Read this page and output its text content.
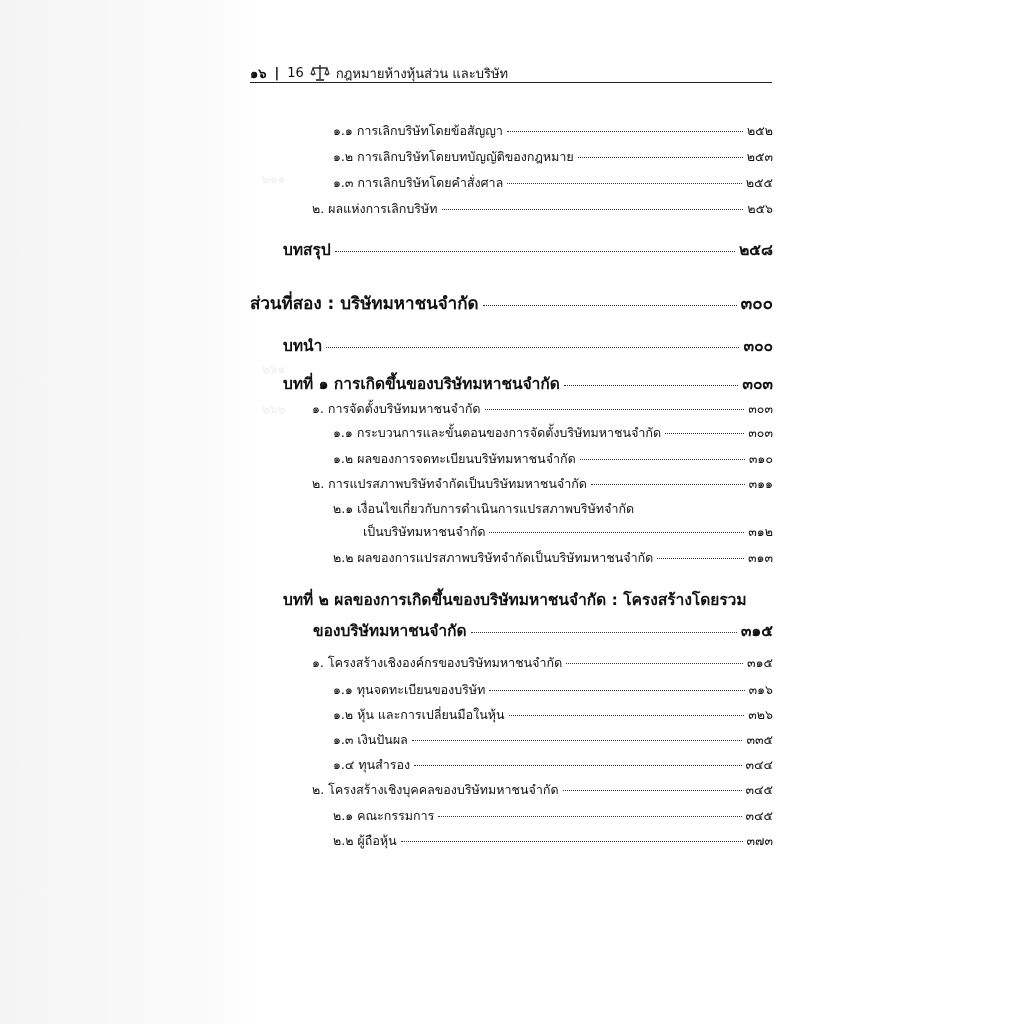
๒๑๑
๒๖๑
๒๖๒
๑๖ | 16 กฎหมายห้างหุ้นส่วน และบริษัท
๑.๑ การเลิกบริษัทโดยข้อสัญญา	๒๕๒
๑.๒ การเลิกบริษัทโดยบทบัญญัติของกฎหมาย	๒๕๓
๑.๓ การเลิกบริษัทโดยคำสั่งศาล	๒๕๕
๒. ผลแห่งการเลิกบริษัท	๒๕๖
บทสรุป	๒๕๘
ส่วนที่สอง : บริษัทมหาชนจำกัด	๓๐๐
บทนำ	๓๐๐
บทที่ ๑ การเกิดขึ้นของบริษัทมหาชนจำกัด	๓๐๓
๑. การจัดตั้งบริษัทมหาชนจำกัด	๓๐๓
๑.๑ กระบวนการและขั้นตอนของการจัดตั้งบริษัทมหาชนจำกัด	๓๐๓
๑.๒ ผลของการจดทะเบียนบริษัทมหาชนจำกัด	๓๑๐
๒. การแปรสภาพบริษัทจำกัดเป็นบริษัทมหาชนจำกัด	๓๑๑
๒.๑ เงื่อนไขเกี่ยวกับการดำเนินการแปรสภาพบริษัทจำกัด
เป็นบริษัทมหาชนจำกัด	๓๑๒
๒.๒ ผลของการแปรสภาพบริษัทจำกัดเป็นบริษัทมหาชนจำกัด	๓๑๓
บทที่ ๒ ผลของการเกิดขึ้นของบริษัทมหาชนจำกัด : โครงสร้างโดยรวม
ของบริษัทมหาชนจำกัด	๓๑๕
๑. โครงสร้างเชิงองค์กรของบริษัทมหาชนจำกัด	๓๑๕
๑.๑ ทุนจดทะเบียนของบริษัท	๓๑๖
๑.๒ หุ้น และการเปลี่ยนมือในหุ้น	๓๒๖
๑.๓ เงินปันผล	๓๓๕
๑.๔ ทุนสำรอง	๓๔๔
๒. โครงสร้างเชิงบุคคลของบริษัทมหาชนจำกัด	๓๔๕
๒.๑ คณะกรรมการ	๓๔๕
๒.๒ ผู้ถือหุ้น	๓๗๓
